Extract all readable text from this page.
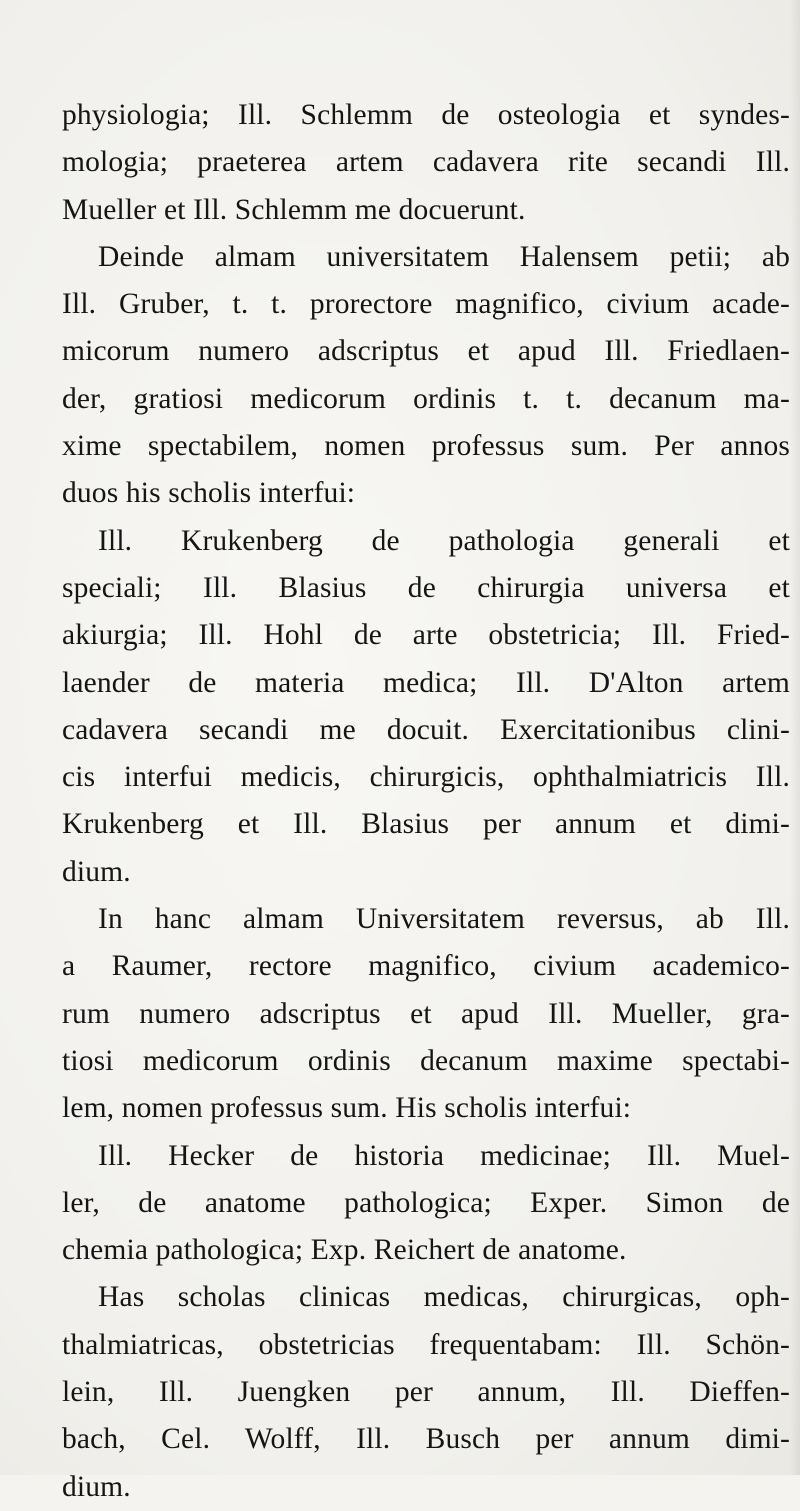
physiologia; Ill. Schlemm de osteologia et syndes-
mologia; praeterea artem cadavera rite secandi Ill.
Mueller et Ill. Schlemm me docuerunt.
Deinde almam universitatem Halensem petii; ab
Ill. Gruber, t. t. prorectore magnifico, civium acade-
micorum numero adscriptus et apud Ill. Friedlaen-
der, gratiosi medicorum ordinis t. t. decanum ma-
xime spectabilem, nomen professus sum. Per annos
duos his scholis interfui:
Ill. Krukenberg de pathologia generali et
speciali; Ill. Blasius de chirurgia universa et
akiurgia; Ill. Hohl de arte obstetricia; Ill. Fried-
laender de materia medica; Ill. D'Alton artem
cadavera secandi me docuit. Exercitationibus clini-
cis interfui medicis, chirurgicis, ophthalmiatricis Ill.
Krukenberg et Ill. Blasius per annum et dimi-
dium.
In hanc almam Universitatem reversus, ab Ill.
a Raumer, rectore magnifico, civium academico-
rum numero adscriptus et apud Ill. Mueller, gra-
tiosi medicorum ordinis decanum maxime spectabi-
lem, nomen professus sum. His scholis interfui:
Ill. Hecker de historia medicinae; Ill. Muel-
ler, de anatome pathologica; Exper. Simon de
chemia pathologica; Exp. Reichert de anatome.
Has scholas clinicas medicas, chirurgicas, oph-
thalmiatricas, obstetricias frequentabam: Ill. Schön-
lein, Ill. Juengken per annum, Ill. Dieffen-
bach, Cel. Wolff, Ill. Busch per annum dimi-
dium.
